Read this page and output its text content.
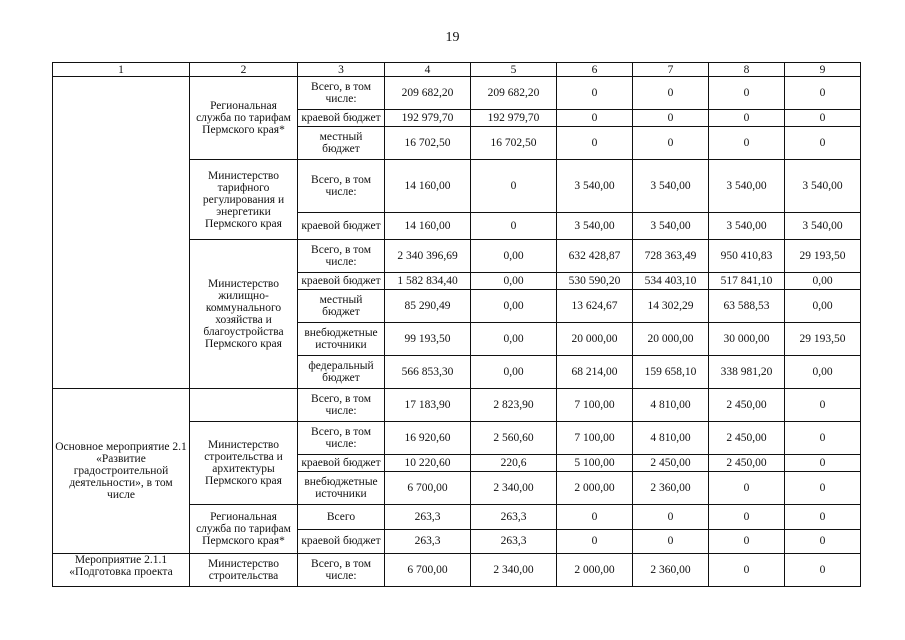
19
1	2	3	4	5	6	7	8	9
	Региональная служба по тарифам Пермского края*	Всего, в том числе:	209 682,20	209 682,20	0	0	0	0
		краевой бюджет	192 979,70	192 979,70	0	0	0	0
		местный бюджет	16 702,50	16 702,50	0	0	0	0
	Министерство тарифного регулирования и энергетики Пермского края	Всего, в том числе:	14 160,00	0	3 540,00	3 540,00	3 540,00	3 540,00
		краевой бюджет	14 160,00	0	3 540,00	3 540,00	3 540,00	3 540,00
	Министерство жилищно-коммунального хозяйства и благоустройства Пермского края	Всего, в том числе:	2 340 396,69	0,00	632 428,87	728 363,49	950 410,83	29 193,50
		краевой бюджет	1 582 834,40	0,00	530 590,20	534 403,10	517 841,10	0,00
		местный бюджет	85 290,49	0,00	13 624,67	14 302,29	63 588,53	0,00
		внебюджетные источники	99 193,50	0,00	20 000,00	20 000,00	30 000,00	29 193,50
		федеральный бюджет	566 853,30	0,00	68 214,00	159 658,10	338 981,20	0,00
Основное мероприятие 2.1 «Развитие градостроительной деятельности», в том числе		Всего, в том числе:	17 183,90	2 823,90	7 100,00	4 810,00	2 450,00	0
	Министерство строительства и архитектуры Пермского края	Всего, в том числе:	16 920,60	2 560,60	7 100,00	4 810,00	2 450,00	0
		краевой бюджет	10 220,60	220,6	5 100,00	2 450,00	2 450,00	0
		внебюджетные источники	6 700,00	2 340,00	2 000,00	2 360,00	0	0
	Региональная служба по тарифам Пермского края*	Всего	263,3	263,3	0	0	0	0
		краевой бюджет	263,3	263,3	0	0	0	0
Мероприятие 2.1.1 «Подготовка проекта	Министерство строительства	Всего, в том числе:	6 700,00	2 340,00	2 000,00	2 360,00	0	0
